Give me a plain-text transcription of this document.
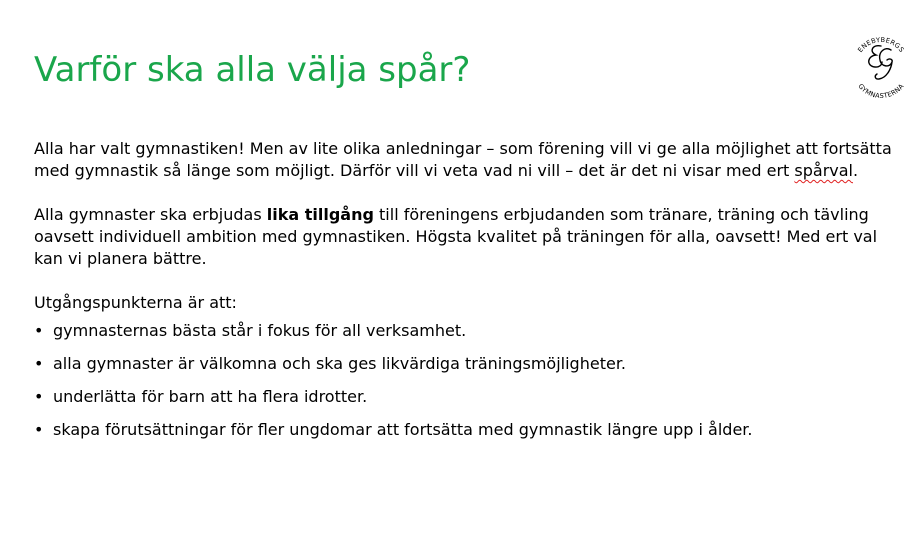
Varför ska alla välja spår?
ENEBYBERGS
GYMNASTERNA

Alla har valt gymnastiken! Men av lite olika anledningar – som förening vill vi ge alla möjlighet att fortsätta med gymnastik så länge som möjligt. Därför vill vi veta vad ni vill – det är det ni visar med ert spårval.

Alla gymnaster ska erbjudas lika tillgång till föreningens erbjudanden som tränare, träning och tävling oavsett individuell ambition med gymnastiken. Högsta kvalitet på träningen för alla, oavsett! Med ert val kan vi planera bättre.

Utgångspunkterna är att:

• gymnasternas bästa står i fokus för all verksamhet.
• alla gymnaster är välkomna och ska ges likvärdiga träningsmöjligheter.
• underlätta för barn att ha flera idrotter.
• skapa förutsättningar för fler ungdomar att fortsätta med gymnastik längre upp i ålder.
